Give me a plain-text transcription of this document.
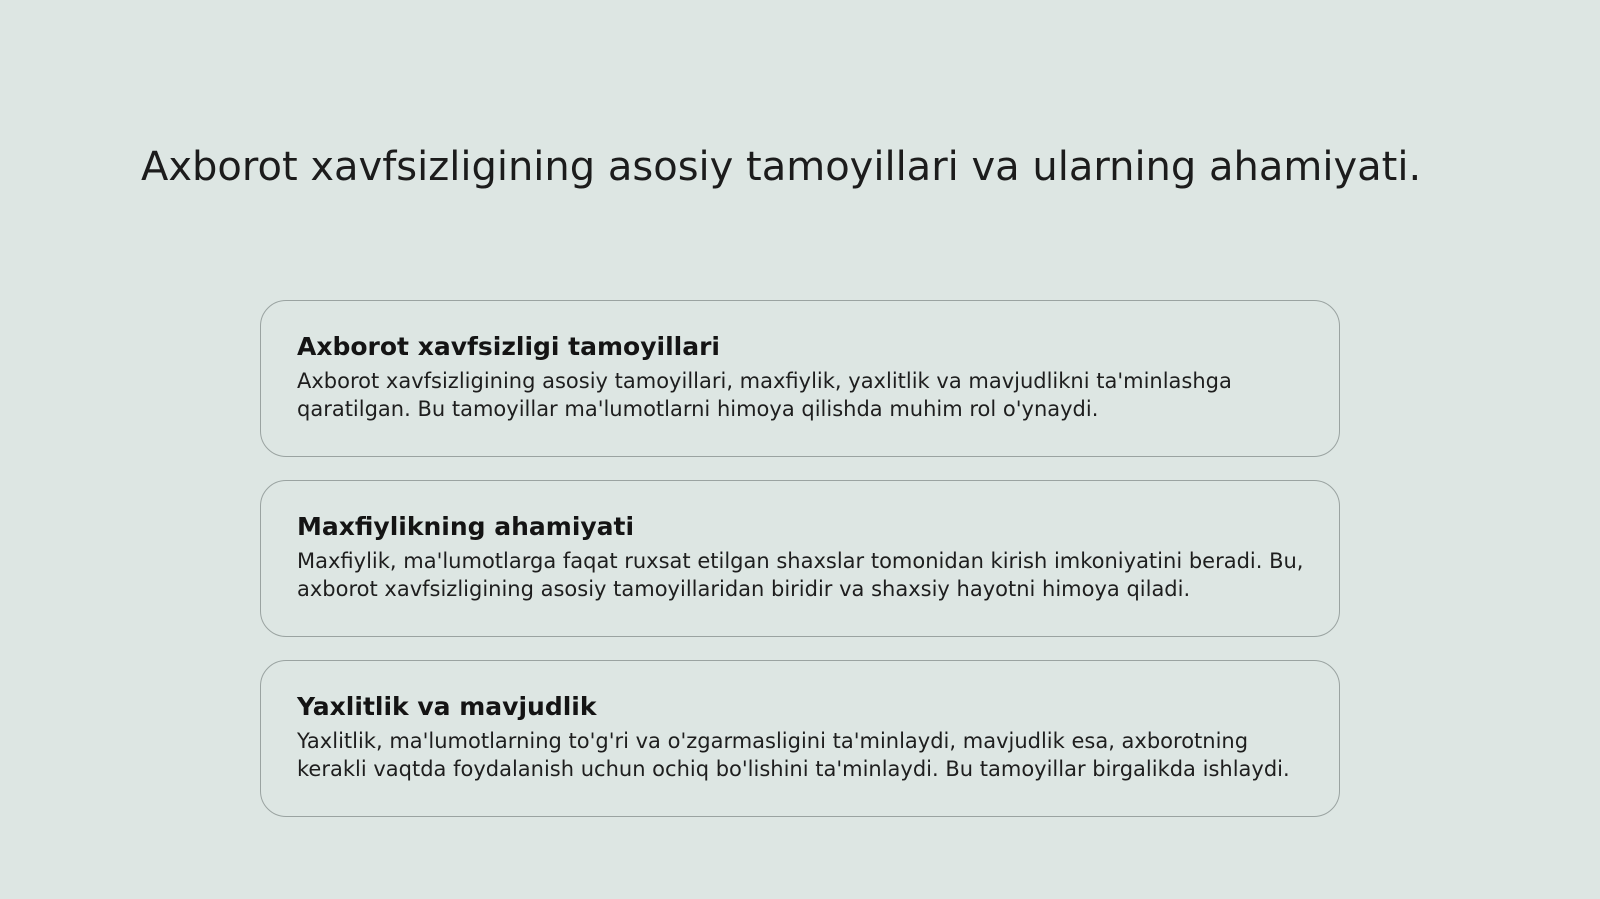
Axborot xavfsizligining asosiy tamoyillari va ularning ahamiyati.
Axborot xavfsizligi tamoyillari

Axborot xavfsizligining asosiy tamoyillari, maxfiylik, yaxlitlik va mavjudlikni ta'minlashga qaratilgan. Bu tamoyillar ma'lumotlarni himoya qilishda muhim rol o'ynaydi.

Maxfiylikning ahamiyati

Maxfiylik, ma'lumotlarga faqat ruxsat etilgan shaxslar tomonidan kirish imkoniyatini beradi. Bu, axborot xavfsizligining asosiy tamoyillaridan biridir va shaxsiy hayotni himoya qiladi.

Yaxlitlik va mavjudlik

Yaxlitlik, ma'lumotlarning to'g'ri va o'zgarmasligini ta'minlaydi, mavjudlik esa, axborotning kerakli vaqtda foydalanish uchun ochiq bo'lishini ta'minlaydi. Bu tamoyillar birgalikda ishlaydi.
